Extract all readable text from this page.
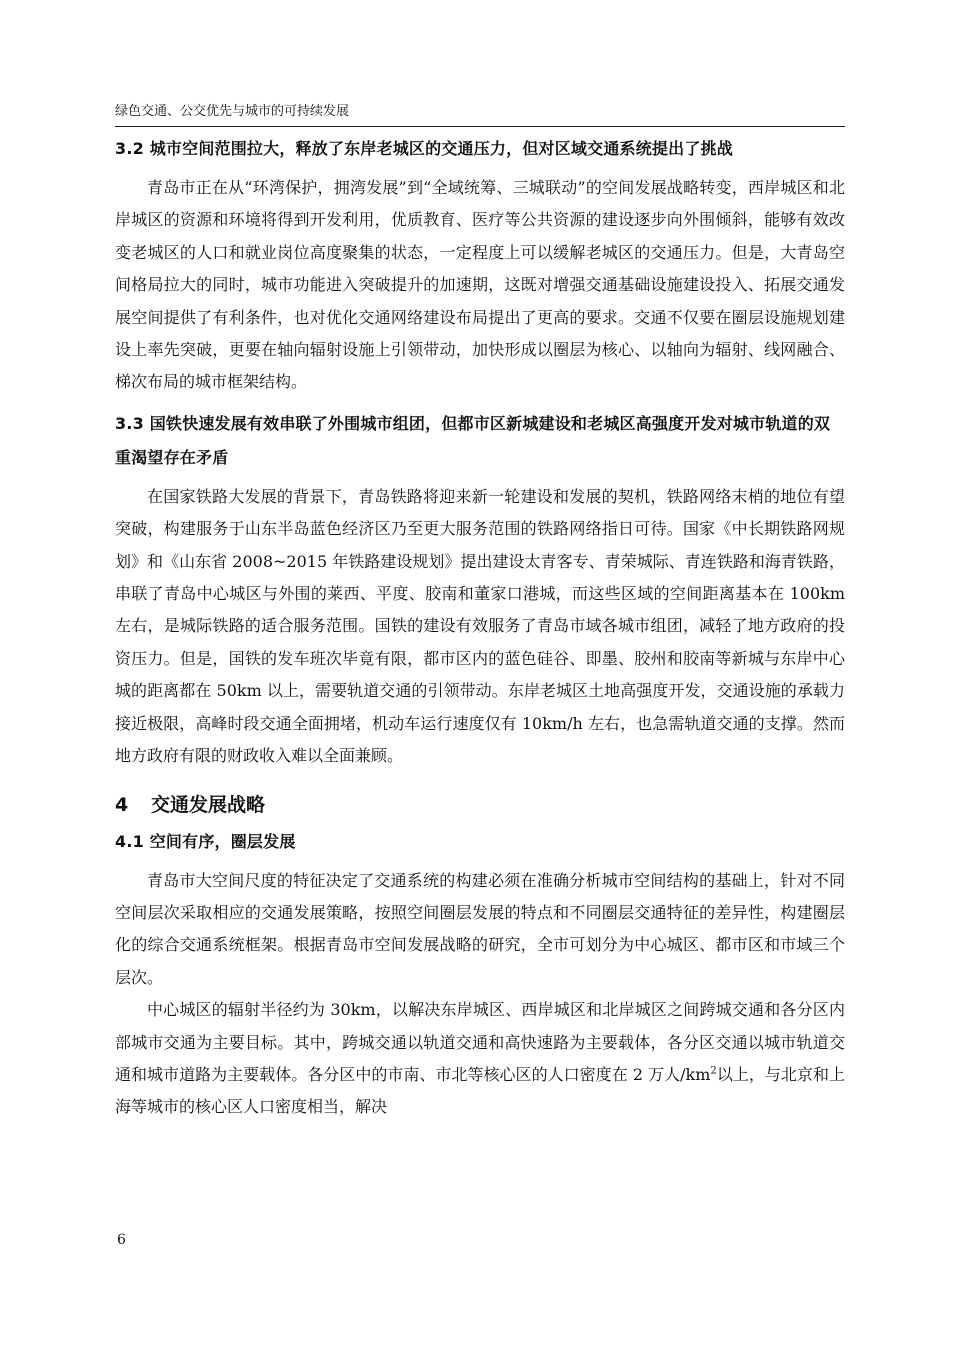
绿色交通、公交优先与城市的可持续发展
3.2 城市空间范围拉大，释放了东岸老城区的交通压力，但对区域交通系统提出了挑战

青岛市正在从“环湾保护，拥湾发展”到“全域统筹、三城联动”的空间发展战略转变，西岸城区和北岸城区的资源和环境将得到开发利用，优质教育、医疗等公共资源的建设逐步向外围倾斜，能够有效改变老城区的人口和就业岗位高度聚集的状态，一定程度上可以缓解老城区的交通压力。但是，大青岛空间格局拉大的同时，城市功能进入突破提升的加速期，这既对增强交通基础设施建设投入、拓展交通发展空间提供了有利条件，也对优化交通网络建设布局提出了更高的要求。交通不仅要在圈层设施规划建设上率先突破，更要在轴向辐射设施上引领带动，加快形成以圈层为核心、以轴向为辐射、线网融合、梯次布局的城市框架结构。

3.3 国铁快速发展有效串联了外围城市组团，但都市区新城建设和老城区高强度开发对城市轨道的双重渴望存在矛盾

在国家铁路大发展的背景下，青岛铁路将迎来新一轮建设和发展的契机，铁路网络末梢的地位有望突破，构建服务于山东半岛蓝色经济区乃至更大服务范围的铁路网络指日可待。国家《中长期铁路网规划》和《山东省 2008~2015 年铁路建设规划》提出建设太青客专、青荣城际、青连铁路和海青铁路，串联了青岛中心城区与外围的莱西、平度、胶南和董家口港城，而这些区域的空间距离基本在 100km 左右，是城际铁路的适合服务范围。国铁的建设有效服务了青岛市域各城市组团，减轻了地方政府的投资压力。但是，国铁的发车班次毕竟有限，都市区内的蓝色硅谷、即墨、胶州和胶南等新城与东岸中心城的距离都在 50km 以上，需要轨道交通的引领带动。东岸老城区土地高强度开发，交通设施的承载力接近极限，高峰时段交通全面拥堵，机动车运行速度仅有 10km/h 左右，也急需轨道交通的支撑。然而地方政府有限的财政收入难以全面兼顾。

4 交通发展战略
4.1 空间有序，圈层发展

青岛市大空间尺度的特征决定了交通系统的构建必须在准确分析城市空间结构的基础上，针对不同空间层次采取相应的交通发展策略，按照空间圈层发展的特点和不同圈层交通特征的差异性，构建圈层化的综合交通系统框架。根据青岛市空间发展战略的研究，全市可划分为中心城区、都市区和市域三个层次。

中心城区的辐射半径约为 30km，以解决东岸城区、西岸城区和北岸城区之间跨城交通和各分区内部城市交通为主要目标。其中，跨城交通以轨道交通和高快速路为主要载体，各分区交通以城市轨道交通和城市道路为主要载体。各分区中的市南、市北等核心区的人口密度在 2 万人$/km^2$以上，与北京和上海等城市的核心区人口密度相当，解决

6
